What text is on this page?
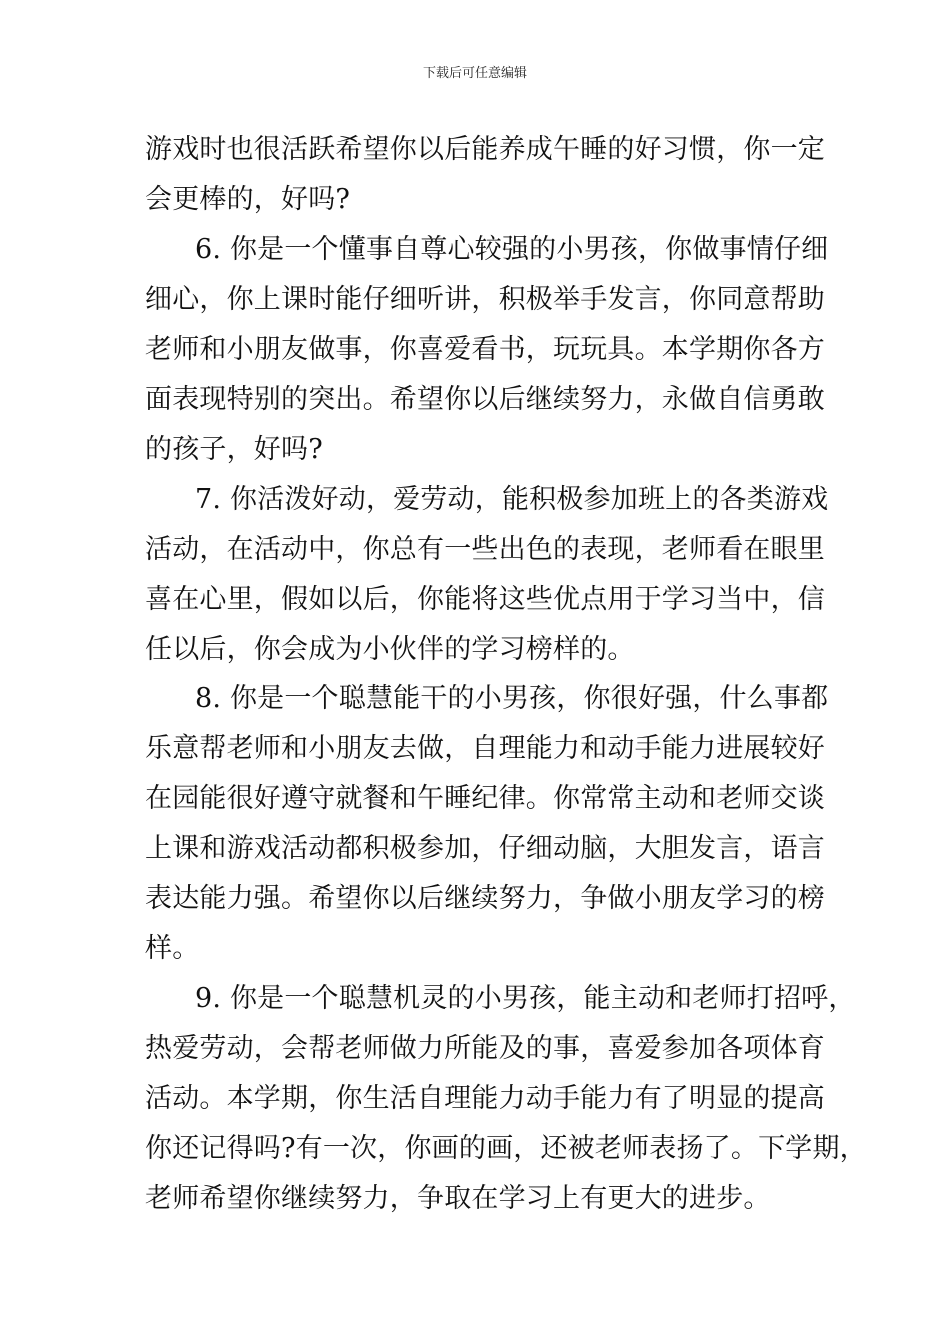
下载后可任意编辑
游戏时也很活跃希望你以后能养成午睡的好习惯，你一定
会更棒的，好吗?
6. 你是一个懂事自尊心较强的小男孩，你做事情仔细
细心，你上课时能仔细听讲，积极举手发言，你同意帮助
老师和小朋友做事，你喜爱看书，玩玩具。本学期你各方
面表现特别的突出。希望你以后继续努力，永做自信勇敢
的孩子，好吗?
7. 你活泼好动，爱劳动，能积极参加班上的各类游戏
活动，在活动中，你总有一些出色的表现，老师看在眼里
喜在心里，假如以后，你能将这些优点用于学习当中，信
任以后，你会成为小伙伴的学习榜样的。
8. 你是一个聪慧能干的小男孩，你很好强，什么事都
乐意帮老师和小朋友去做，自理能力和动手能力进展较好
在园能很好遵守就餐和午睡纪律。你常常主动和老师交谈
上课和游戏活动都积极参加，仔细动脑，大胆发言，语言
表达能力强。希望你以后继续努力，争做小朋友学习的榜
样。
9. 你是一个聪慧机灵的小男孩，能主动和老师打招呼，
热爱劳动，会帮老师做力所能及的事，喜爱参加各项体育
活动。本学期，你生活自理能力动手能力有了明显的提高
你还记得吗?有一次，你画的画，还被老师表扬了。下学期，
老师希望你继续努力，争取在学习上有更大的进步。
